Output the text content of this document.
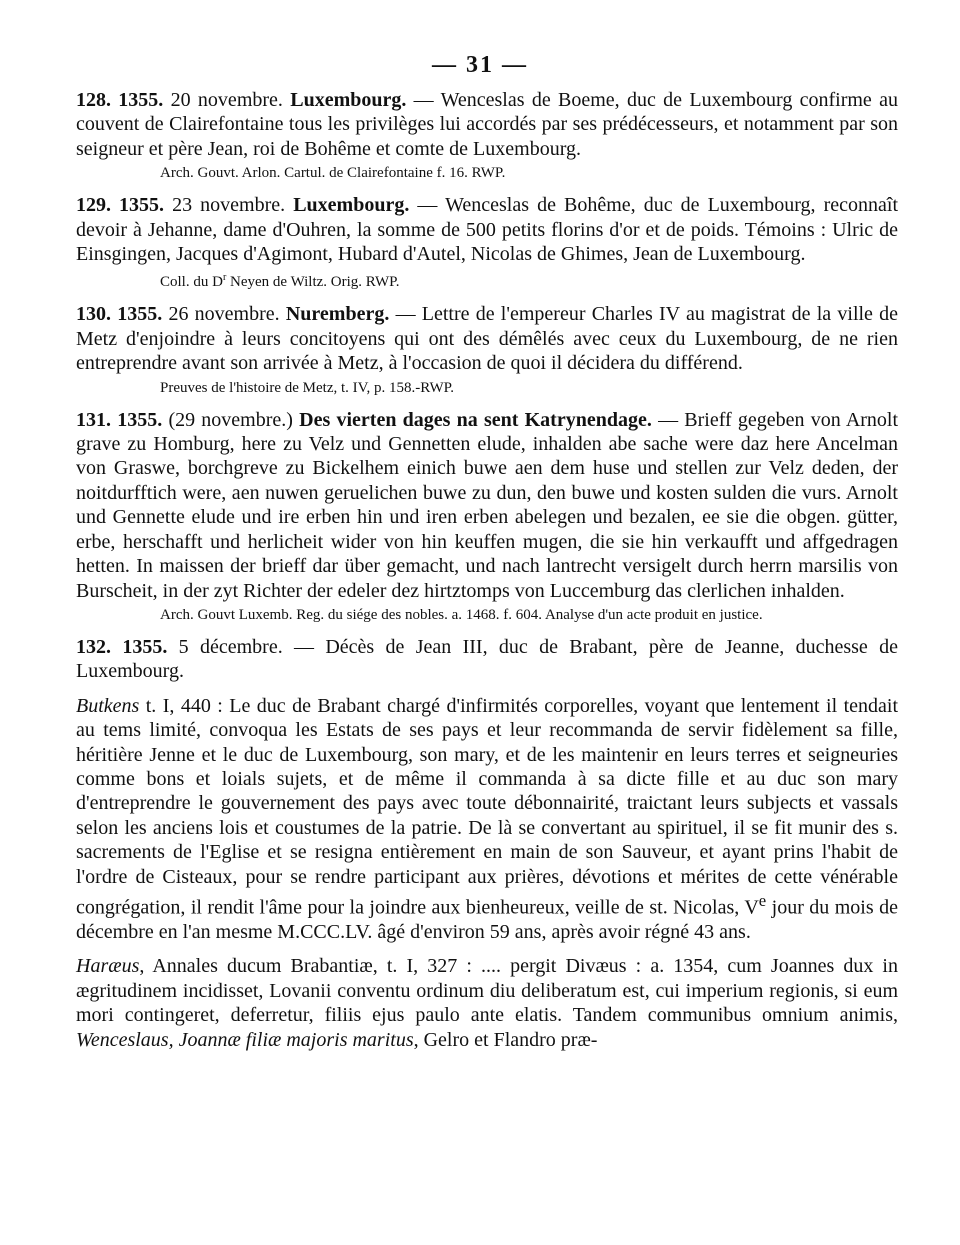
— 31 —

128. 1355. 20 novembre. Luxembourg. — Wenceslas de Boeme, duc de Luxembourg confirme au couvent de Clairefontaine tous les privilèges lui accordés par ses prédécesseurs, et notamment par son seigneur et père Jean, roi de Bohême et comte de Luxembourg.

Arch. Gouvt. Arlon. Cartul. de Clairefontaine f. 16. RWP.

129. 1355. 23 novembre. Luxembourg. — Wenceslas de Bohême, duc de Luxembourg, reconnaît devoir à Jehanne, dame d'Ouhren, la somme de 500 petits florins d'or et de poids. Témoins : Ulric de Einsgingen, Jacques d'Agimont, Hubard d'Autel, Nicolas de Ghimes, Jean de Luxembourg.

Coll. du $D^r$ Neyen de Wiltz. Orig. RWP.

130. 1355. 26 novembre. Nuremberg. — Lettre de l'empereur Charles IV au magistrat de la ville de Metz d'enjoindre à leurs concitoyens qui ont des démêlés avec ceux du Luxembourg, de ne rien entreprendre avant son arrivée à Metz, à l'occasion de quoi il décidera du différend.

Preuves de l'histoire de Metz, t. IV, p. 158.-RWP.

131. 1355. (29 novembre.) Des vierten dages na sent Katrynendage. — Brieff gegeben von Arnolt grave zu Homburg, here zu Velz und Gennetten elude, inhalden abe sache were daz here Ancelman von Graswe, borchgreve zu Bickelhem einich buwe aen dem huse und stellen zur Velz deden, der noitdurfftich were, aen nuwen geruelichen buwe zu dun, den buwe und kosten sulden die vurs. Arnolt und Gennette elude und ire erben hin und iren erben abelegen und bezalen, ee sie die obgen. gütter, erbe, herschafft und herlicheit wider von hin keuffen mugen, die sie hin verkaufft und affgedragen hetten. In maissen der brieff dar über gemacht, und nach lantrecht versigelt durch herrn marsilis von Burscheit, in der zyt Richter der edeler dez hirtztomps von Luccemburg das clerlichen inhalden.

Arch. Gouvt Luxemb. Reg. du siége des nobles. a. 1468. f. 604. Analyse d'un acte produit en justice.

132. 1355. 5 décembre. — Décès de Jean III, duc de Brabant, père de Jeanne, duchesse de Luxembourg.

Butkens t. I, 440 : Le duc de Brabant chargé d'infirmités corporelles, voyant que lentement il tendait au tems limité, convoqua les Estats de ses pays et leur recommanda de servir fidèlement sa fille, héritière Jenne et le duc de Luxembourg, son mary, et de les maintenir en leurs terres et seigneuries comme bons et loials sujets, et de même il commanda à sa dicte fille et au duc son mary d'entreprendre le gouvernement des pays avec toute débonnairité, traictant leurs subjects et vassals selon les anciens lois et coustumes de la patrie. De là se convertant au spirituel, il se fit munir des s. sacrements de l'Eglise et se resigna entièrement en main de son Sauveur, et ayant prins l'habit de l'ordre de Cisteaux, pour se rendre participant aux prières, dévotions et mérites de cette vénérable congrégation, il rendit l'âme pour la joindre aux bienheureux, veille de st. Nicolas, Ve jour du mois de décembre en l'an mesme M.CCC.LV. âgé d'environ 59 ans, après avoir régné 43 ans.

Haræus, Annales ducum Brabantiæ, t. I, 327 : .... pergit Divæus : a. 1354, cum Joannes dux in ægritudinem incidisset, Lovanii conventu ordinum diu deliberatum est, cui imperium regionis, si eum mori contingeret, deferretur, filiis ejus paulo ante elatis. Tandem communibus omnium animis, Wenceslaus, Joannæ filiæ majoris maritus, Gelro et Flandro præ-
